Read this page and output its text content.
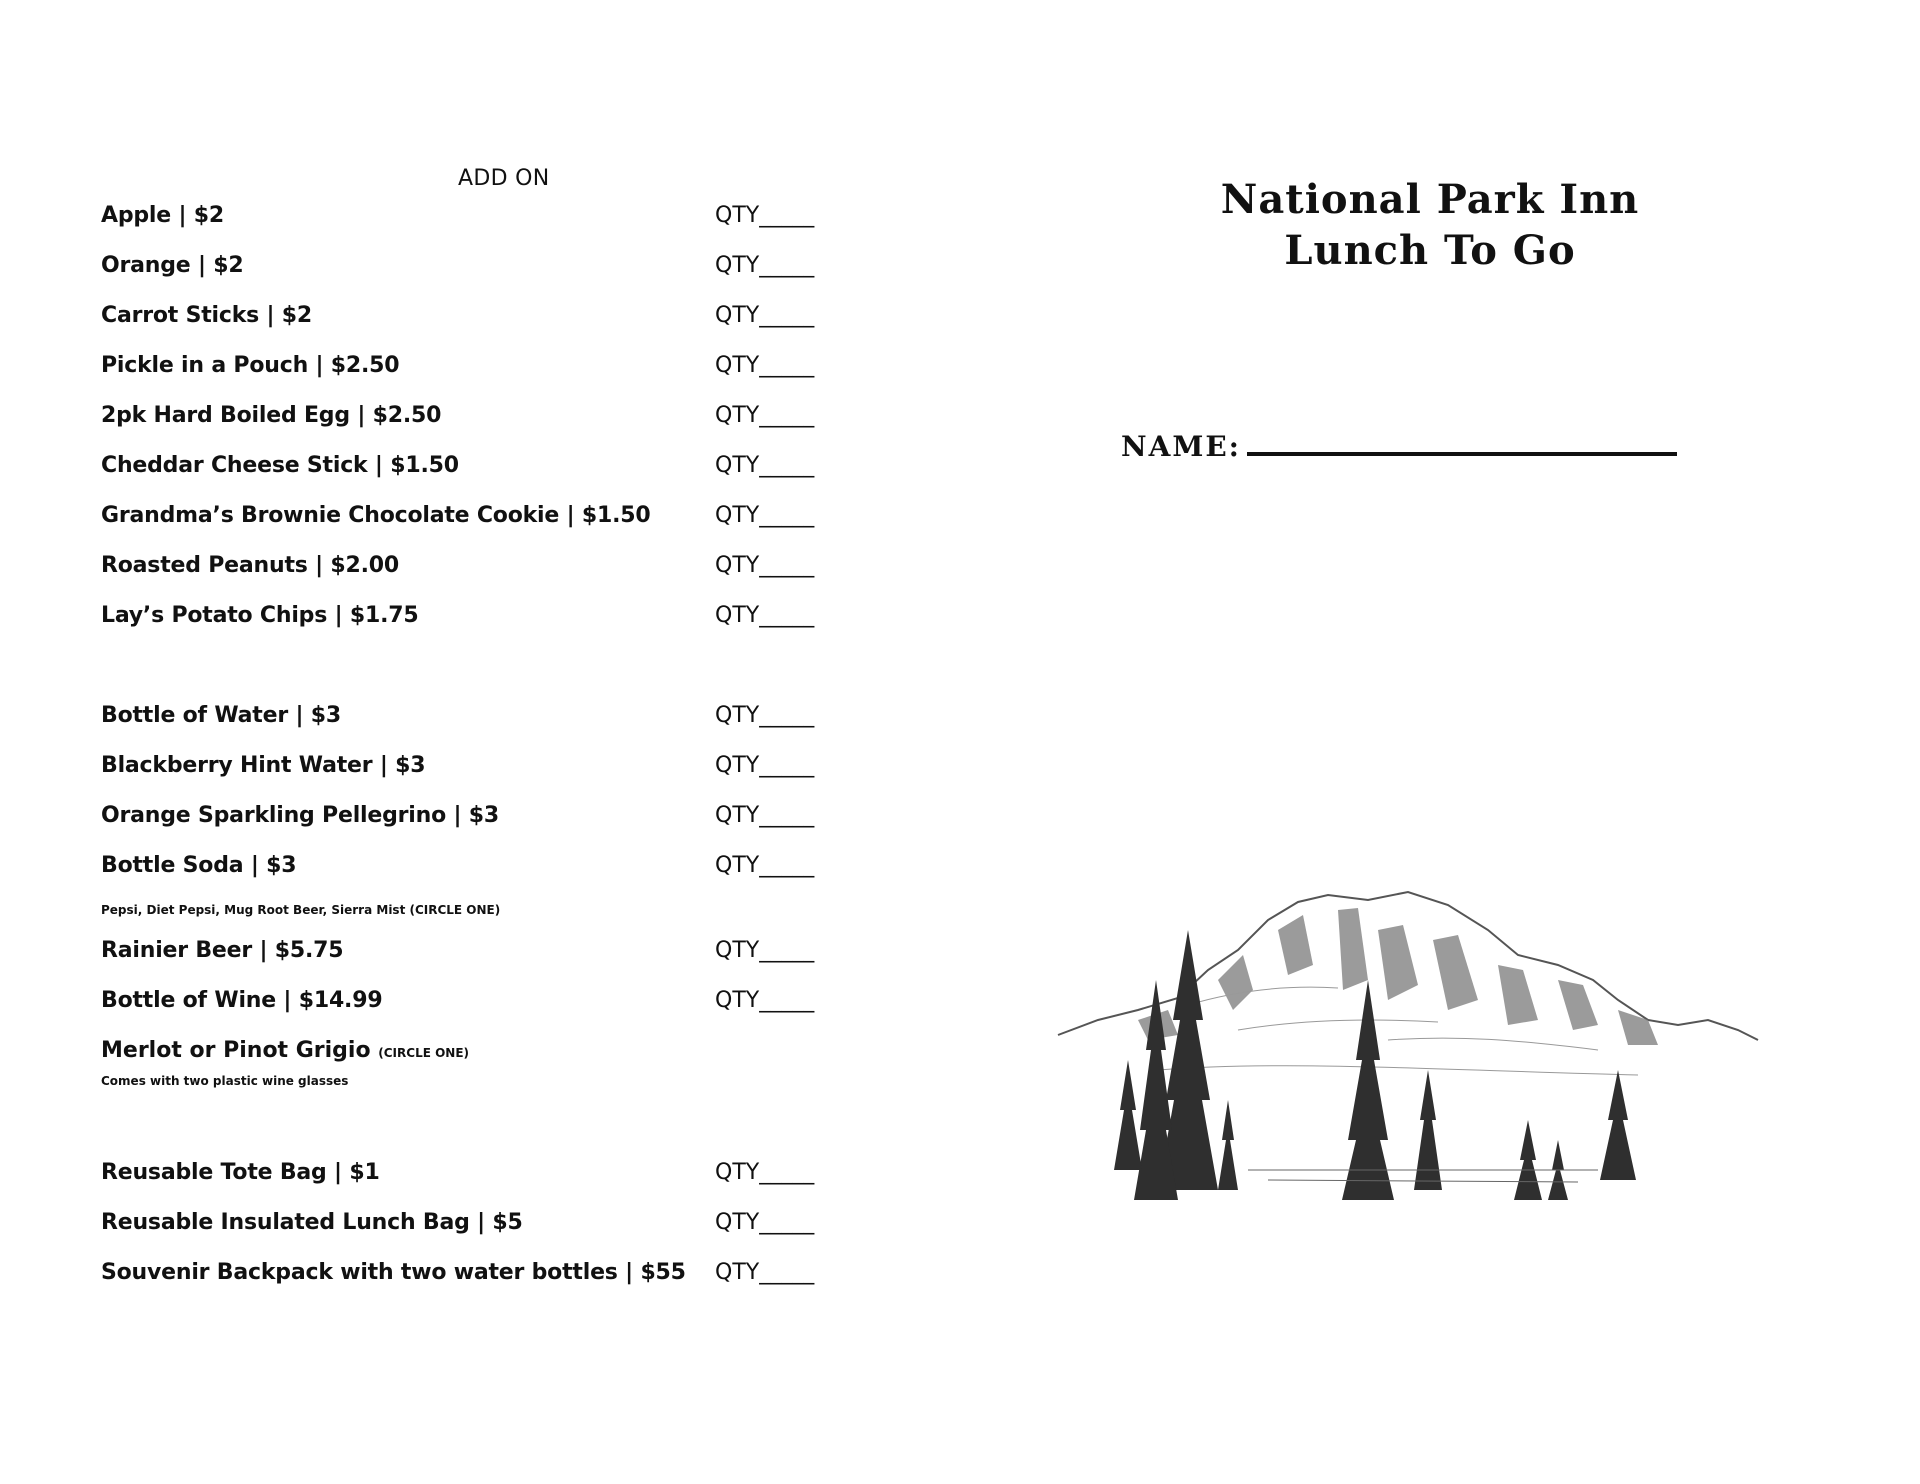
ADD ON
Apple | $2	QTY_____
Orange | $2	QTY_____
Carrot Sticks | $2	QTY_____
Pickle in a Pouch | $2.50	QTY_____
2pk Hard Boiled Egg | $2.50	QTY_____
Cheddar Cheese Stick | $1.50	QTY_____
Grandma’s Brownie Chocolate Cookie | $1.50	QTY_____
Roasted Peanuts | $2.00	QTY_____
Lay’s Potato Chips | $1.75	QTY_____
Bottle of Water | $3	QTY_____
Blackberry Hint Water | $3	QTY_____
Orange Sparkling Pellegrino | $3	QTY_____
Bottle Soda | $3	QTY_____
Pepsi, Diet Pepsi, Mug Root Beer, Sierra Mist (CIRCLE ONE)
Rainier Beer | $5.75	QTY_____
Bottle of Wine | $14.99	QTY_____
Merlot or Pinot Grigio (CIRCLE ONE)
Comes with two plastic wine glasses
Reusable Tote Bag | $1	QTY_____
Reusable Insulated Lunch Bag | $5	QTY_____
Souvenir Backpack with two water bottles | $55 QTY_____
National Park Inn
Lunch To Go
NAME:
